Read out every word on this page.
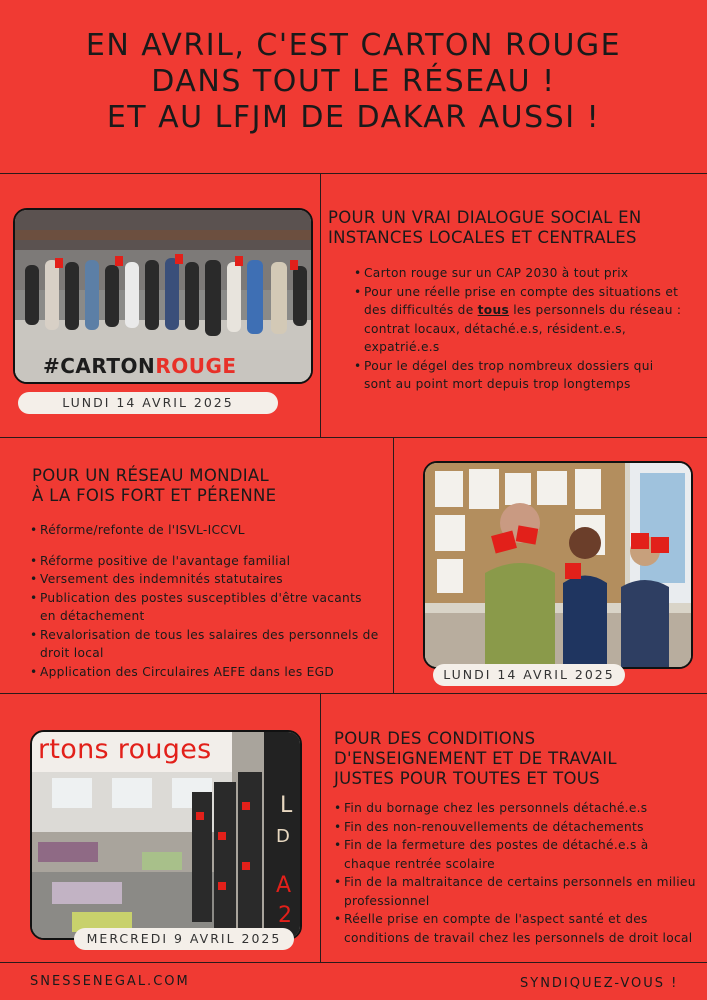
EN AVRIL, C'EST CARTON ROUGE
DANS TOUT LE RÉSEAU !
ET AU LFJM DE DAKAR AUSSI !
#CARTONROUGE
LUNDI 14 AVRIL 2025
POUR UN VRAI DIALOGUE SOCIAL EN
INSTANCES LOCALES ET CENTRALES
• Carton rouge sur un CAP 2030 à tout prix
• Pour une réelle prise en compte des situations et des difficultés de tous les personnels du réseau : contrat locaux, détaché.e.s, résident.e.s, expatrié.e.s
• Pour le dégel des trop nombreux dossiers qui sont au point mort depuis trop longtemps
POUR UN RÉSEAU MONDIAL
À LA FOIS FORT ET PÉRENNE
• Réforme/refonte de l'ISVL-ICCVL
• Réforme positive de l'avantage familial
• Versement des indemnités statutaires
• Publication des postes susceptibles d'être vacants en détachement
• Revalorisation de tous les salaires des personnels de droit local
• Application des Circulaires AEFE dans les EGD	LUNDI 14 AVRIL 2025
L
D
A
2
rtons rouges
MERCREDI 9 AVRIL 2025
POUR DES CONDITIONS
D'ENSEIGNEMENT ET DE TRAVAIL
JUSTES POUR TOUTES ET TOUS
• Fin du bornage chez les personnels détaché.e.s
• Fin des non-renouvellements de détachements
• Fin de la fermeture des postes de détaché.e.s à chaque rentrée scolaire
• Fin de la maltraitance de certains personnels en milieu professionnel
• Réelle prise en compte de l'aspect santé et des conditions de travail chez les personnels de droit local
SNESSENEGAL.COM	SYNDIQUEZ-VOUS !
